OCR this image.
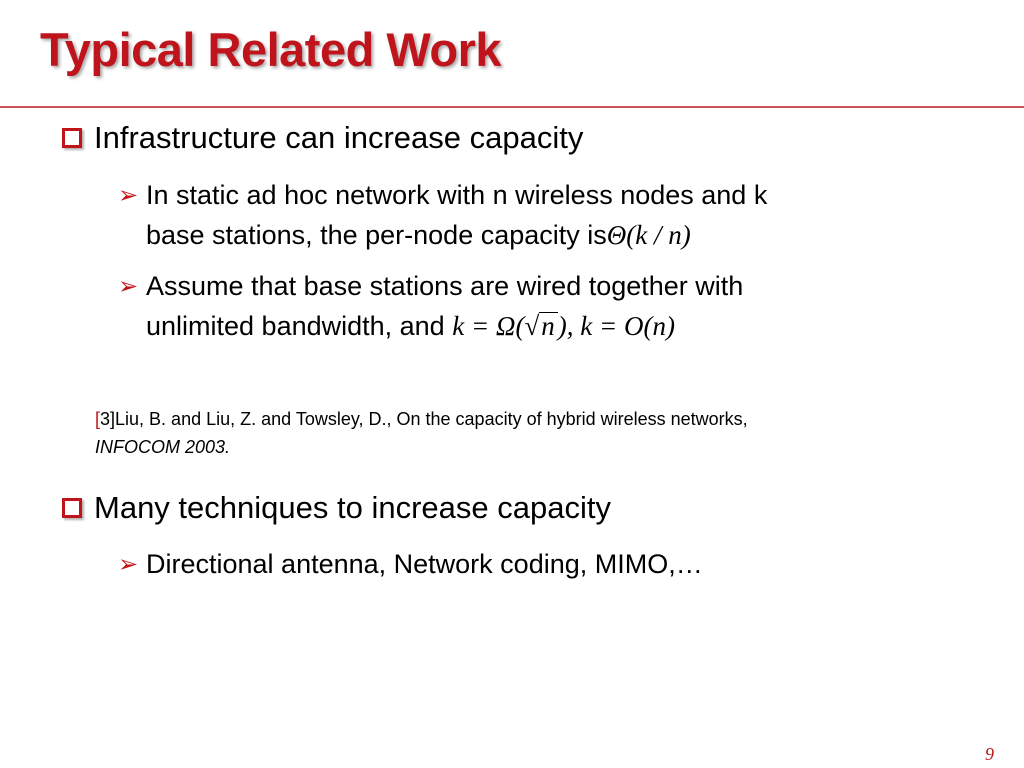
Typical Related Work
Infrastructure can increase capacity
➢ In static ad hoc network with n wireless nodes and k
base stations, the per-node capacity isΘ(k / n)
➢ Assume that base stations are wired together with
unlimited bandwidth, and k = Ω(√n ), k = O(n)
[3]Liu, B. and Liu, Z. and Towsley, D., On the capacity of hybrid wireless networks,
INFOCOM 2003.
Many techniques to increase capacity
➢ Directional antenna, Network coding, MIMO,…
9
